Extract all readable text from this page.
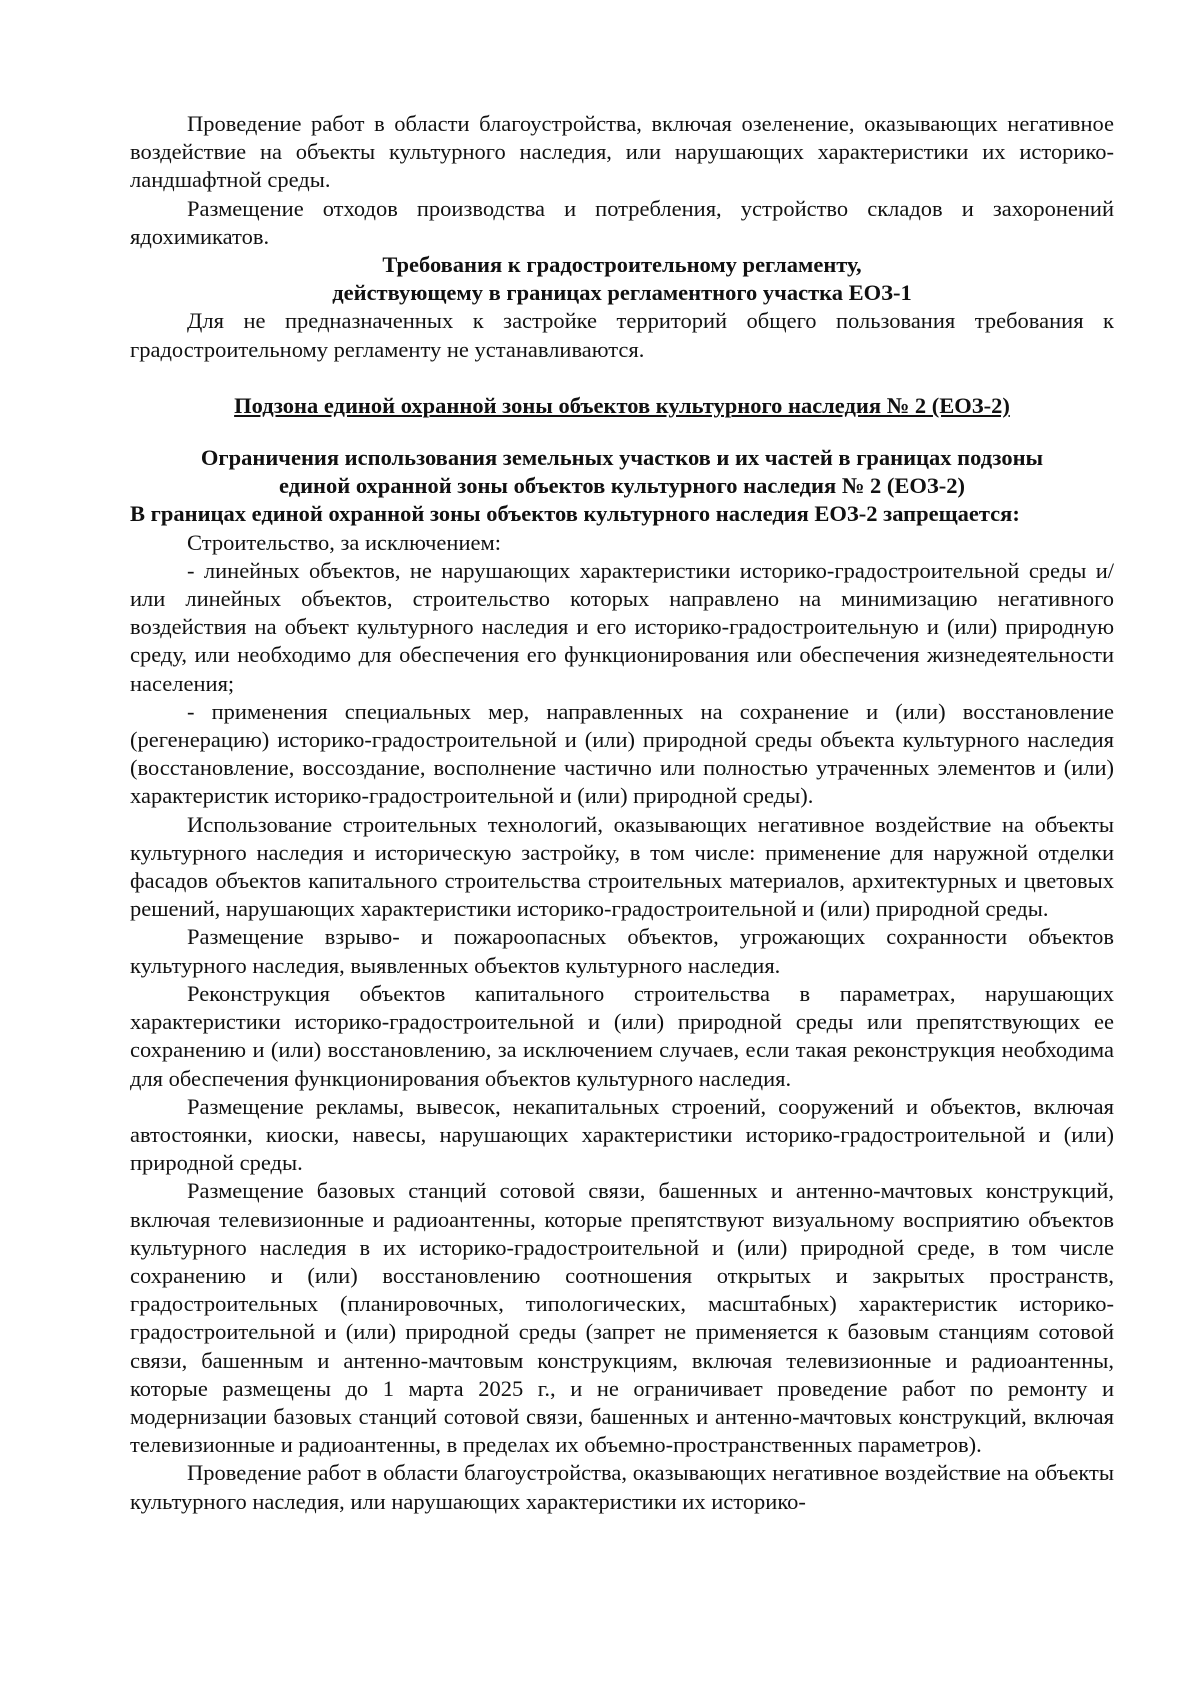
Проведение работ в области благоустройства, включая озеленение, оказывающих негативное воздействие на объекты культурного наследия, или нарушающих характеристики их историко-ландшафтной среды.

Размещение отходов производства и потребления, устройство складов и захоронений ядохимикатов.

Требования к градостроительному регламенту,

действующему в границах регламентного участка ЕОЗ-1

Для не предназначенных к застройке территорий общего пользования требования к градостроительному регламенту не устанавливаются.

Подзона единой охранной зоны объектов культурного наследия № 2 (ЕОЗ-2)

Ограничения использования земельных участков и их частей в границах подзоны

единой охранной зоны объектов культурного наследия № 2 (ЕОЗ-2)

В границах единой охранной зоны объектов культурного наследия ЕОЗ-2 запрещается:

Строительство, за исключением:

- линейных объектов, не нарушающих характеристики историко-градостроительной среды и/или линейных объектов, строительство которых направлено на минимизацию негативного воздействия на объект культурного наследия и его историко-градостроительную и (или) природную среду, или необходимо для обеспечения его функционирования или обеспечения жизнедеятельности населения;

- применения специальных мер, направленных на сохранение и (или) восстановление (регенерацию) историко-градостроительной и (или) природной среды объекта культурного наследия (восстановление, воссоздание, восполнение частично или полностью утраченных элементов и (или) характеристик историко-градостроительной и (или) природной среды).

Использование строительных технологий, оказывающих негативное воздействие на объекты культурного наследия и историческую застройку, в том числе: применение для наружной отделки фасадов объектов капитального строительства строительных материалов, архитектурных и цветовых решений, нарушающих характеристики историко-градостроительной и (или) природной среды.

Размещение взрыво- и пожароопасных объектов, угрожающих сохранности объектов культурного наследия, выявленных объектов культурного наследия.

Реконструкция объектов капитального строительства в параметрах, нарушающих характеристики историко-градостроительной и (или) природной среды или препятствующих ее сохранению и (или) восстановлению, за исключением случаев, если такая реконструкция необходима для обеспечения функционирования объектов культурного наследия.

Размещение рекламы, вывесок, некапитальных строений, сооружений и объектов, включая автостоянки, киоски, навесы, нарушающих характеристики историко-градостроительной и (или) природной среды.

Размещение базовых станций сотовой связи, башенных и антенно-мачтовых конструкций, включая телевизионные и радиоантенны, которые препятствуют визуальному восприятию объектов культурного наследия в их историко-градостроительной и (или) природной среде, в том числе сохранению и (или) восстановлению соотношения открытых и закрытых пространств, градостроительных (планировочных, типологических, масштабных) характеристик историко-градостроительной и (или) природной среды (запрет не применяется к базовым станциям сотовой связи, башенным и антенно-мачтовым конструкциям, включая телевизионные и радиоантенны, которые размещены до 1 марта 2025 г., и не ограничивает проведение работ по ремонту и модернизации базовых станций сотовой связи, башенных и антенно-мачтовых конструкций, включая телевизионные и радиоантенны, в пределах их объемно-пространственных параметров).

Проведение работ в области благоустройства, оказывающих негативное воздействие на объекты культурного наследия, или нарушающих характеристики их историко-
